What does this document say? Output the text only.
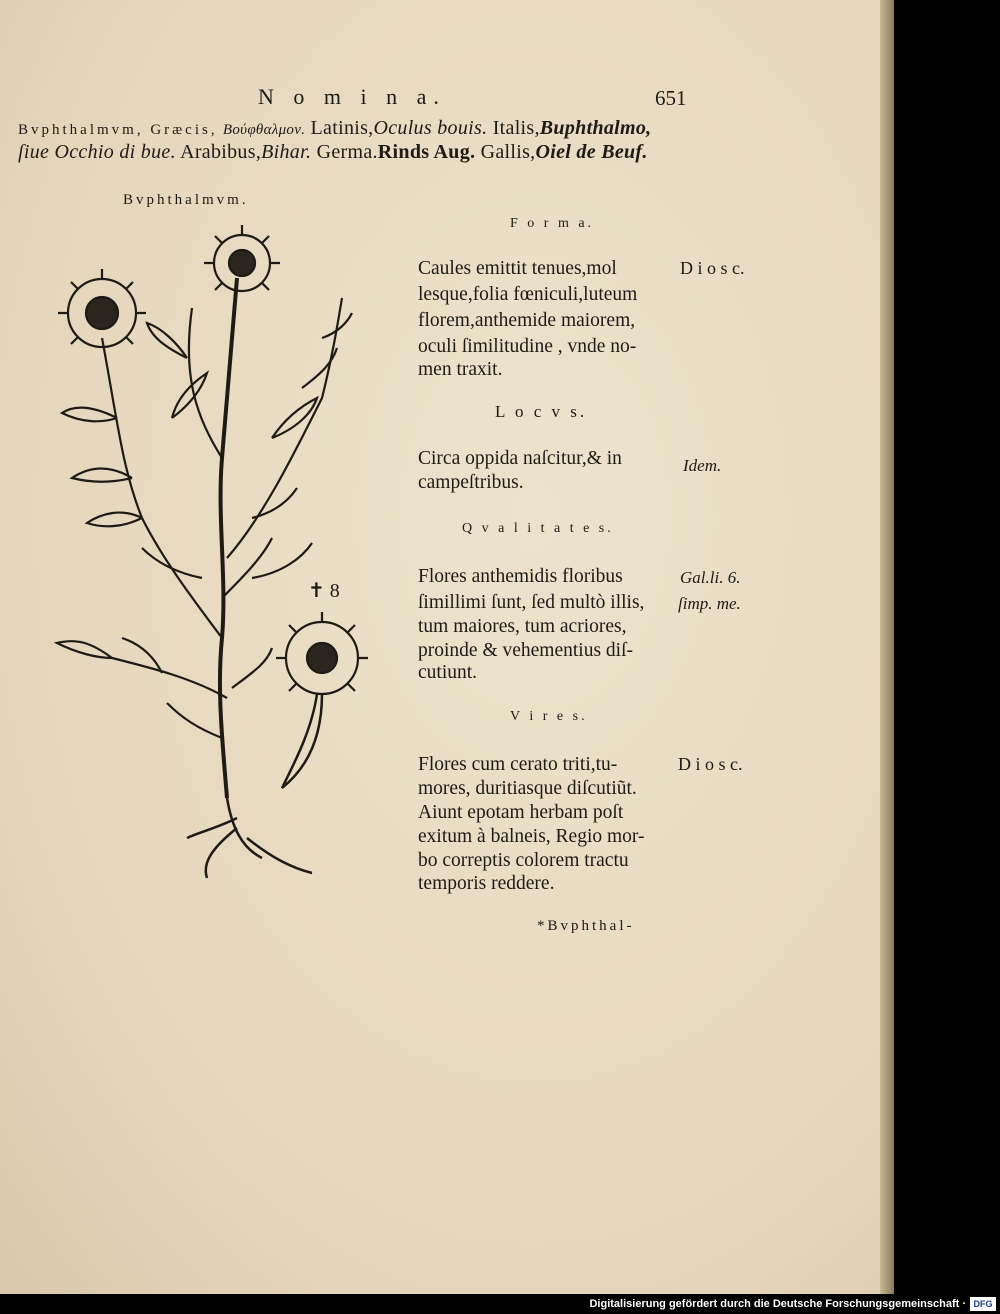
N o m i n a.	651
Bvphthalmvm, Græcis, Βούφθαλμον. Latinis,Oculus bouis. Italis,Buphthalmo,
ſiue Occhio di bue. Arabibus,Bihar. Germa.Rinds Aug. Gallis,Oiel de Beuf.
Bvphthalmvm.
✝ 8
F o r m a.
Caules emittit tenues,mol
lesque,folia fœniculi,luteum
florem,anthemide maiorem,
oculi ſimilitudine , vnde no-
men traxit.
D i o s c.
L o c v s.
Circa oppida naſcitur,& in
campeſtribus.
Idem.
Q v a l i t a t e s.
Flores anthemidis floribus
ſimillimi ſunt, ſed multò illis,
tum maiores, tum acriores,
proinde & vehementius diſ-
cutiunt.
Gal.li. 6.
ſimp. me.
V i r e s.
Flores cum cerato triti,tu-
mores, duritiasque diſcutiũt.
Aiunt epotam herbam poſt
exitum à balneis, Regio mor-
bo correptis colorem tractu
temporis reddere.
D i o s c.
*Bvphthal-
Digitalisierung gefördert durch die Deutsche Forschungsgemeinschaft · DFG
